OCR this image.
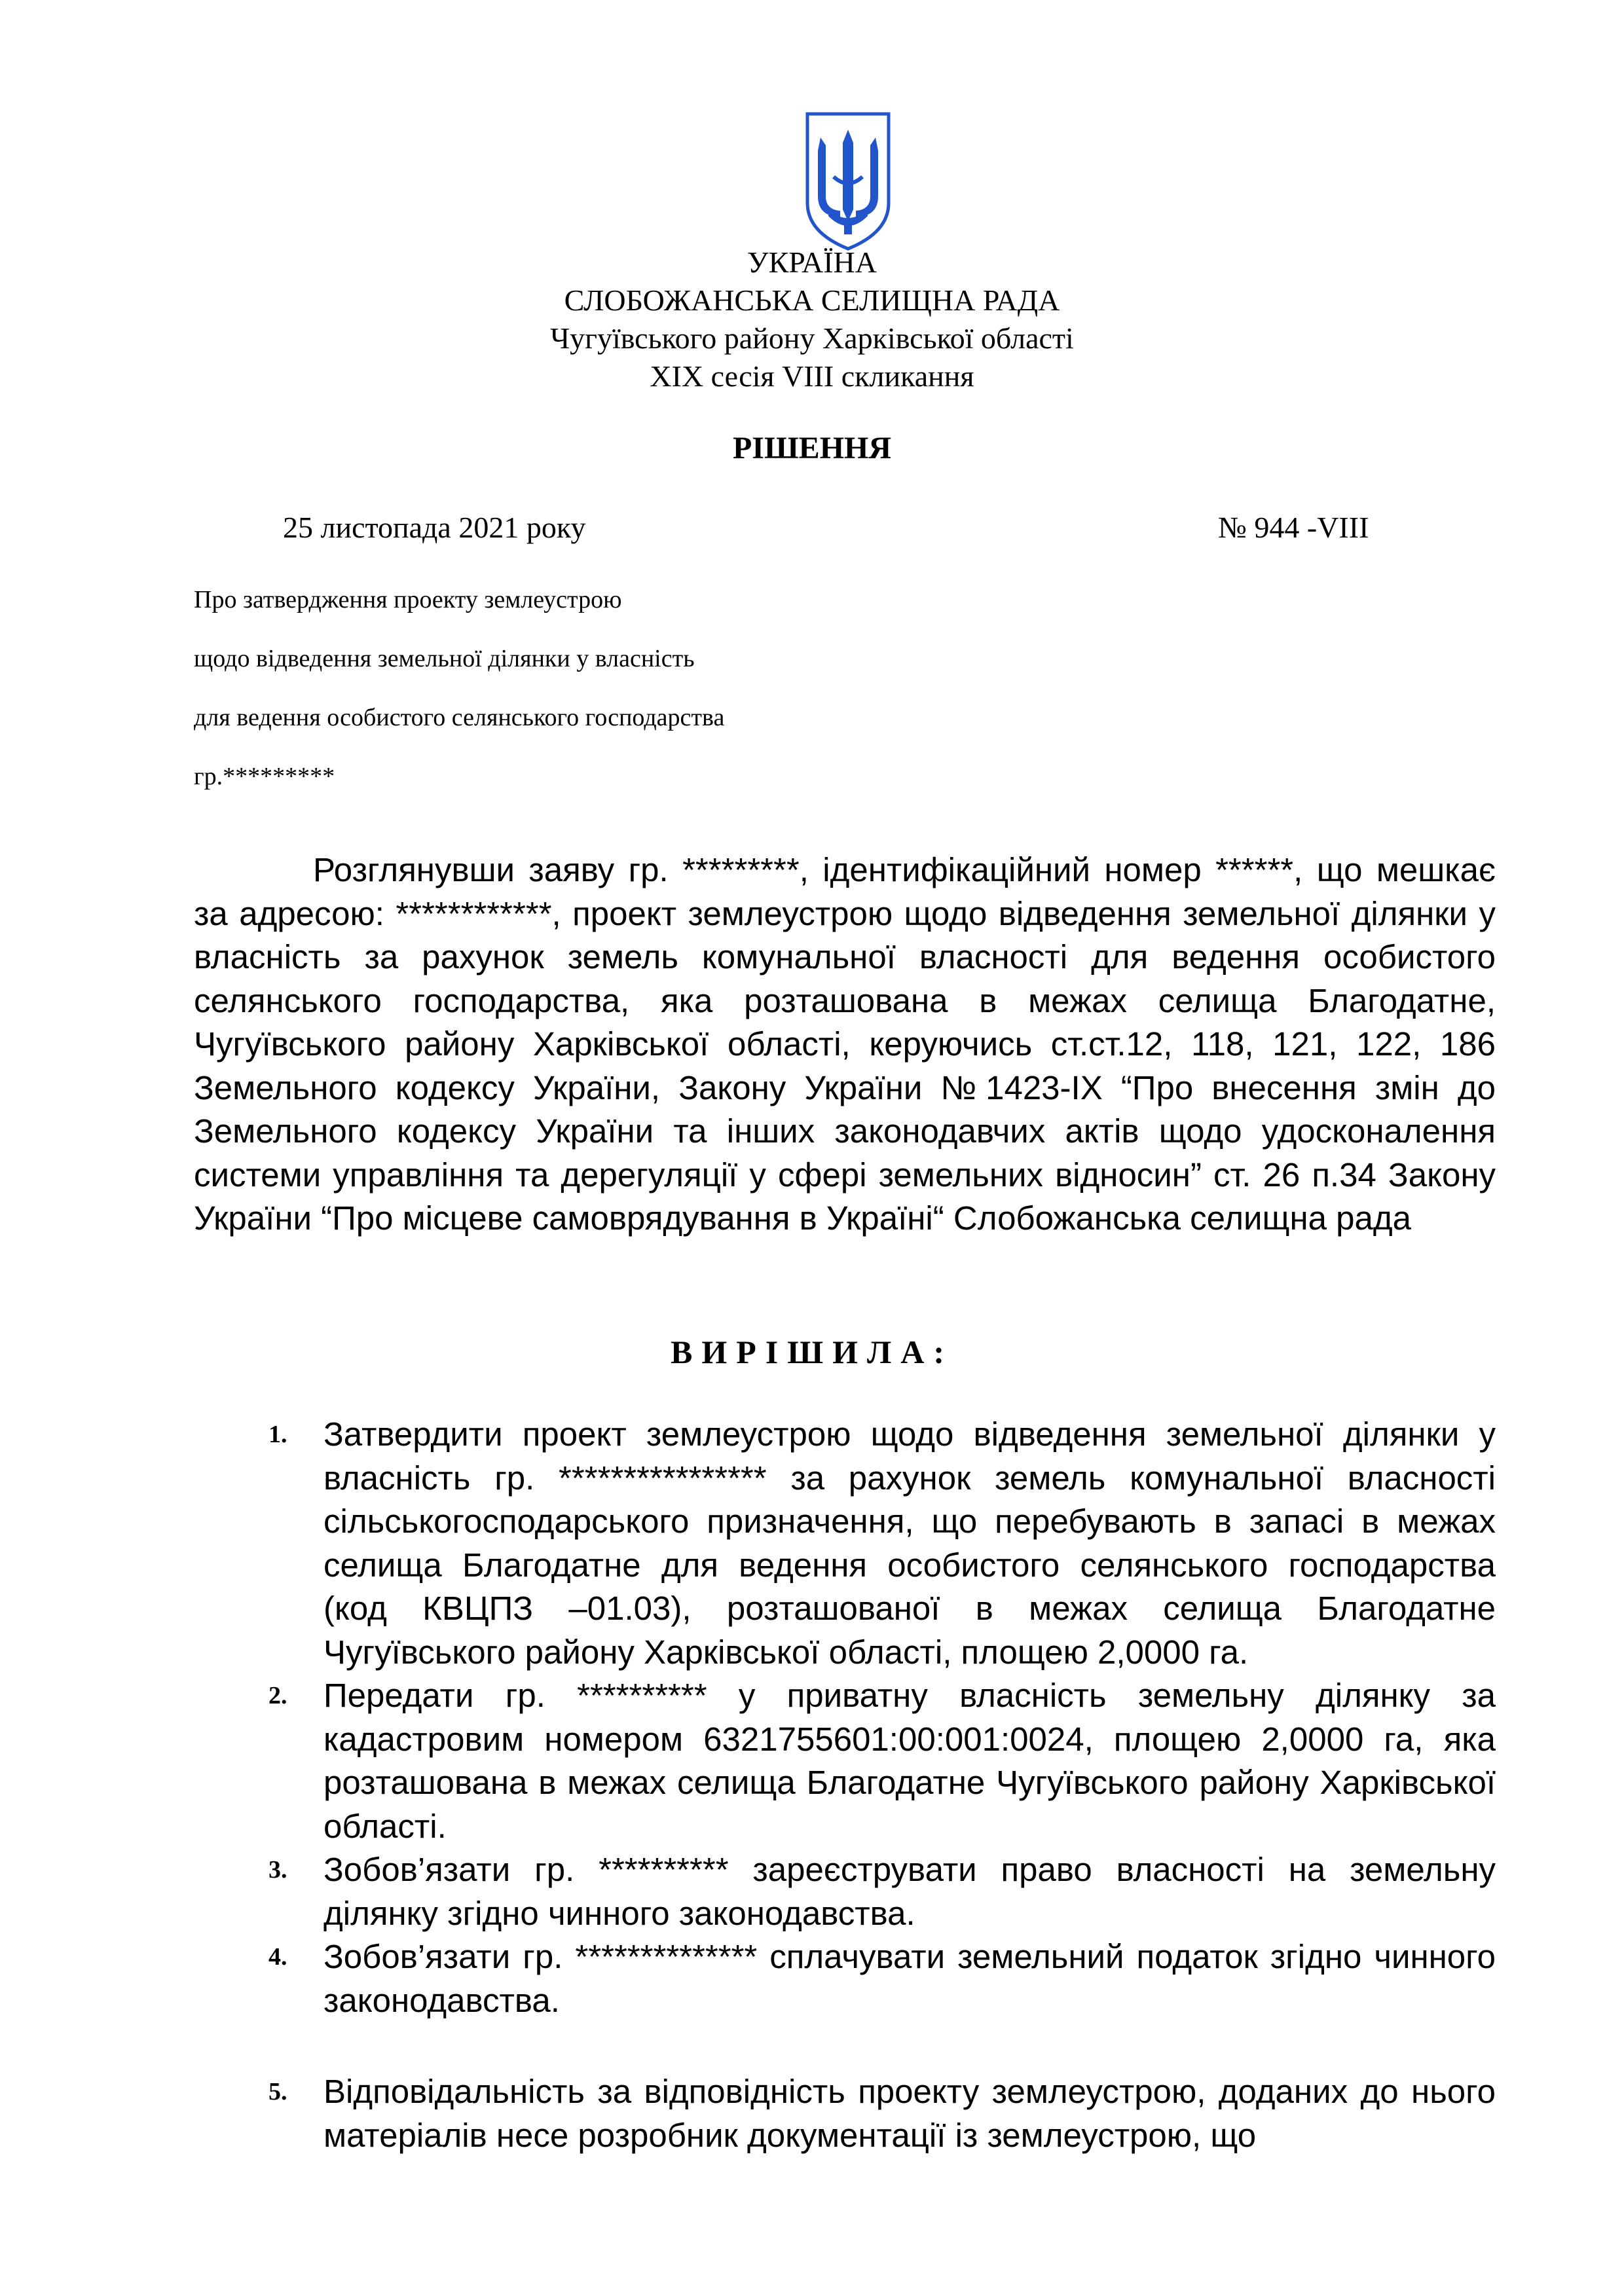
УКРАЇНА
СЛОБОЖАНСЬКА СЕЛИЩНА РАДА
Чугуївського району Харківської області
XIX сесія VIII скликання
РІШЕННЯ
25 листопада 2021 року	№ 944 -VIII
Про затвердження проекту землеустрою
щодо відведення земельної ділянки у власність
для ведення особистого селянського господарства
гр.*********
Розглянувши заяву гр. *********, ідентифікаційний номер ******, що мешкає за адресою: ************, проект землеустрою щодо відведення земельної ділянки у власність за рахунок земель комунальної власності для ведення особистого селянського господарства, яка розташована в межах селища Благодатне, Чугуївського району Харківської області, керуючись ст.ст.12, 118, 121, 122, 186 Земельного кодексу України, Закону України №1423-IX “Про внесення змін до Земельного кодексу України та інших законодавчих актів щодо удосконалення системи управління та дерегуляції у сфері земельних відносин” ст. 26 п.34 Закону України “Про місцеве самоврядування в Україні“ Слобожанська селищна рада
ВИРІШИЛА:
1.	Затвердити проект землеустрою щодо відведення земельної ділянки у власність гр. **************** за рахунок земель комунальної власності сільськогосподарського призначення, що перебувають в запасі в межах селища Благодатне для ведення особистого селянського господарства (код КВЦПЗ –01.03), розташованої в межах селища Благодатне Чугуївського району Харківської області, площею 2,0000 га.
2.	Передати гр. ********** у приватну власність земельну ділянку за кадастровим номером 6321755601:00:001:0024, площею 2,0000 га, яка розташована в межах селища Благодатне Чугуївського району Харківської області.
3.	Зобов’язати гр. ********** зареєструвати право власності на земельну ділянку згідно чинного законодавства.
4.	Зобов’язати гр. ************** сплачувати земельний податок згідно чинного законодавства.
5.	Відповідальність за відповідність проекту землеустрою, доданих до нього матеріалів несе розробник документації із землеустрою, що
